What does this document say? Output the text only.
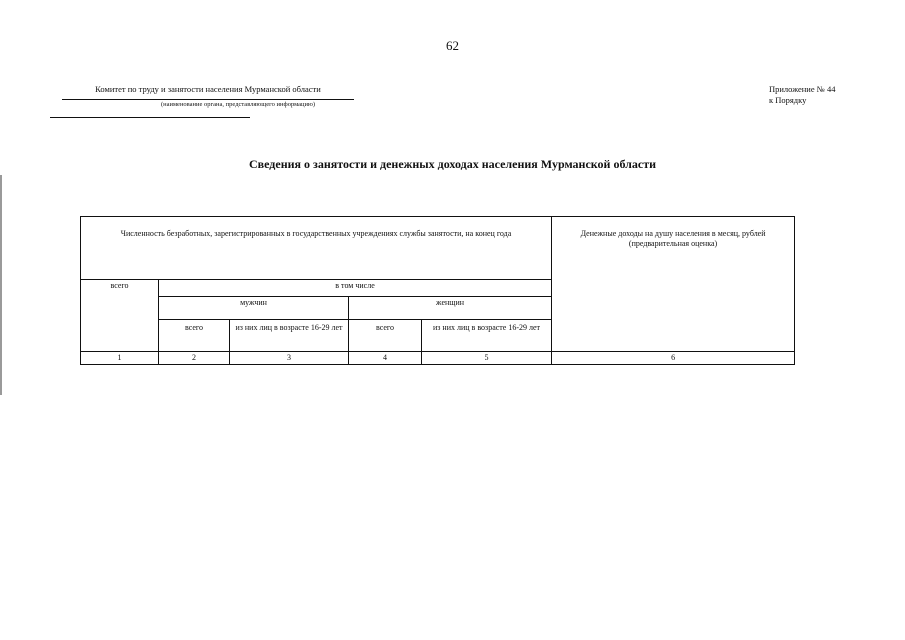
62
Комитет по труду и занятости населения Мурманской области
(наименование органа, представляющего информацию)
Приложение № 44
к Порядку
Сведения о занятости и денежных доходах населения Мурманской области
Численность безработных, зарегистрированных в государственных учреждениях службы занятости, на конец года					Денежные доходы на душу населения в месяц, рублей (предварительная оценка)
всего	в том числе				
	мужчин		женщин		
	всего	из них лиц в возрасте 16-29 лет	всего	из них лиц в возрасте 16-29 лет	
1	2	3	4	5	6
